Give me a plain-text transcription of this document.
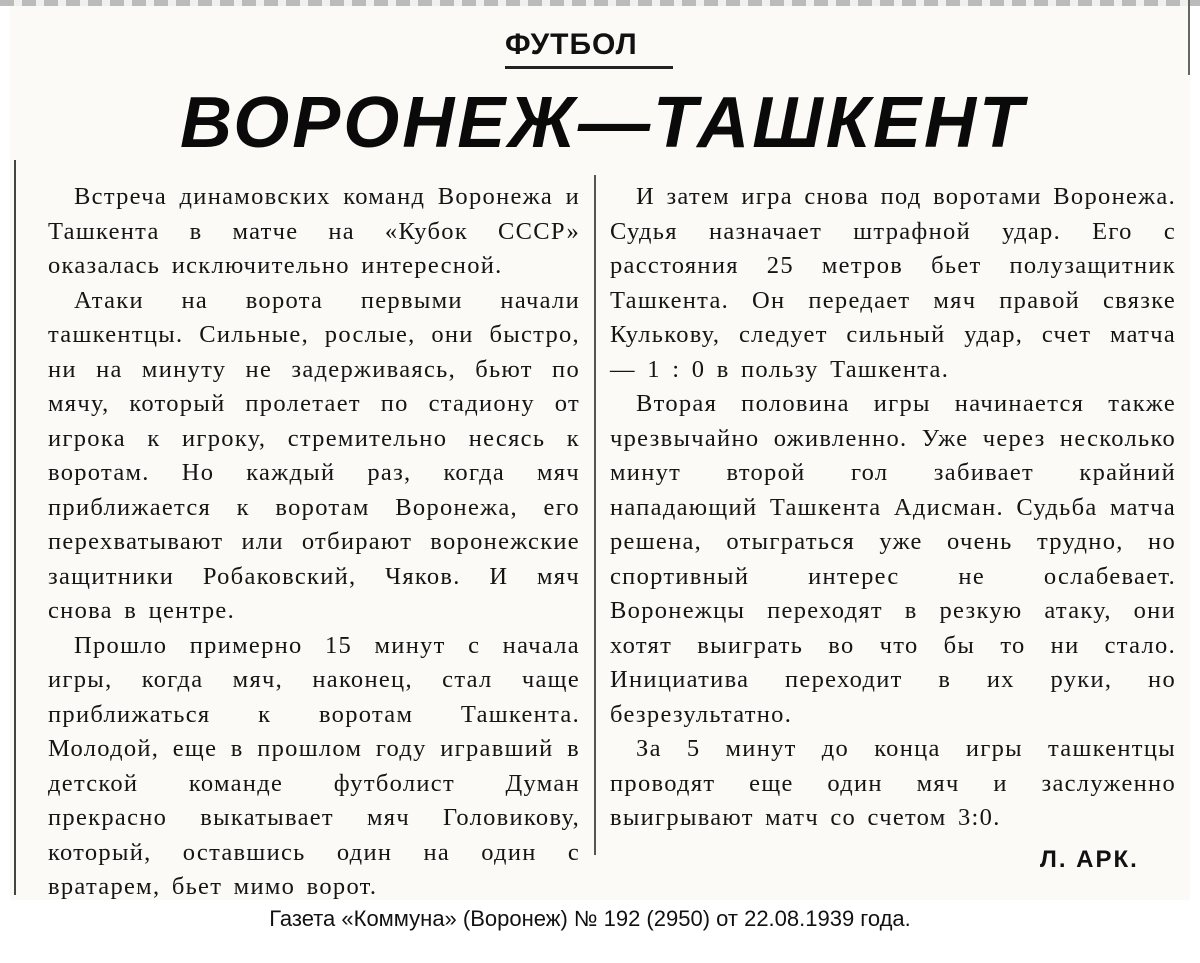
ФУТБОЛ
ВОРОНЕЖ—ТАШКЕНТ

Встреча динамовских команд Воронежа и Ташкента в матче на «Кубок СССР» оказалась исключительно интересной.

Атаки на ворота первыми начали ташкентцы. Сильные, рослые, они быстро, ни на минуту не задерживаясь, бьют по мячу, который пролетает по стадиону от игрока к игроку, стремительно несясь к воротам. Но каждый раз, когда мяч приближается к воротам Воронежа, его перехватывают или отбирают воронежские защитники Робаковский, Чяков. И мяч снова в центре.

Прошло примерно 15 минут с начала игры, когда мяч, наконец, стал чаще приближаться к воротам Ташкента. Молодой, еще в прошлом году игравший в детской команде футболист Думан прекрасно выкатывает мяч Головикову, который, оставшись один на один с вратарем, бьет мимо ворот.

И затем игра снова под воротами Воронежа. Судья назначает штрафной удар. Его с расстояния 25 метров бьет полузащитник Ташкента. Он передает мяч правой связке Кулькову, следует сильный удар, счет матча — 1 : 0 в пользу Ташкента.

Вторая половина игры начинается также чрезвычайно оживленно. Уже через несколько минут второй гол забивает крайний нападающий Ташкента Адисман. Судьба матча решена, отыграться уже очень трудно, но спортивный интерес не ослабевает. Воронежцы переходят в резкую атаку, они хотят выиграть во что бы то ни стало. Инициатива переходит в их руки, но безрезультатно.

За 5 минут до конца игры ташкентцы проводят еще один мяч и заслуженно выигрывают матч со счетом 3:0.

Л. АРК.
Газета «Коммуна» (Воронеж) № 192 (2950) от 22.08.1939 года.
